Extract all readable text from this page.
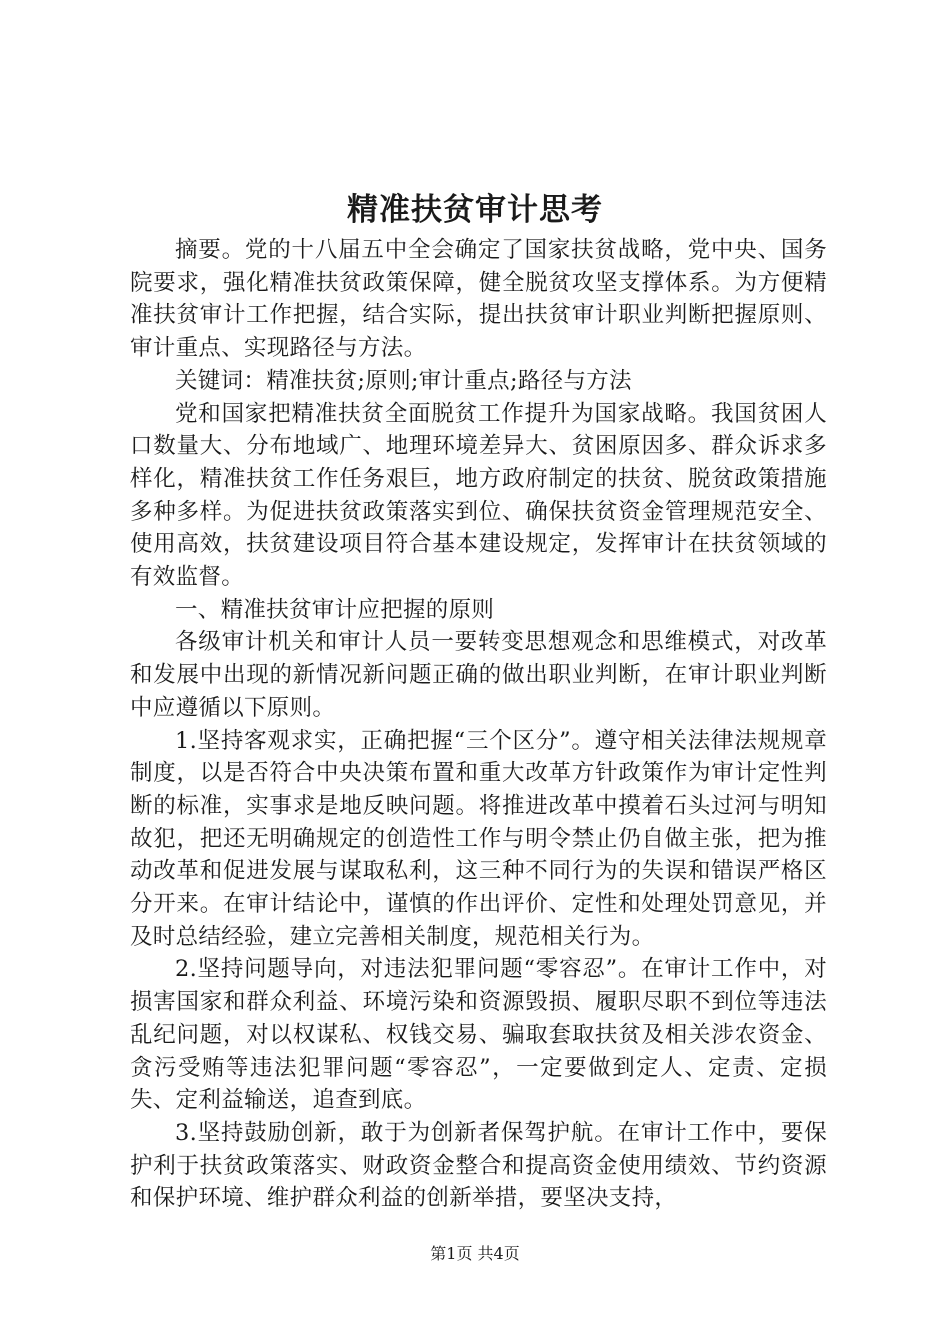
精准扶贫审计思考

摘要。党的十八届五中全会确定了国家扶贫战略，党中央、国务院要求，强化精准扶贫政策保障，健全脱贫攻坚支撑体系。为方便精准扶贫审计工作把握，结合实际，提出扶贫审计职业判断把握原则、审计重点、实现路径与方法。

关键词：精准扶贫;原则;审计重点;路径与方法

党和国家把精准扶贫全面脱贫工作提升为国家战略。我国贫困人口数量大、分布地域广、地理环境差异大、贫困原因多、群众诉求多样化，精准扶贫工作任务艰巨，地方政府制定的扶贫、脱贫政策措施多种多样。为促进扶贫政策落实到位、确保扶贫资金管理规范安全、使用高效，扶贫建设项目符合基本建设规定，发挥审计在扶贫领域的有效监督。

一、精准扶贫审计应把握的原则

各级审计机关和审计人员一要转变思想观念和思维模式，对改革和发展中出现的新情况新问题正确的做出职业判断，在审计职业判断中应遵循以下原则。

1.坚持客观求实，正确把握“三个区分”。遵守相关法律法规规章制度，以是否符合中央决策布置和重大改革方针政策作为审计定性判断的标准，实事求是地反映问题。将推进改革中摸着石头过河与明知故犯，把还无明确规定的创造性工作与明令禁止仍自做主张，把为推动改革和促进发展与谋取私利，这三种不同行为的失误和错误严格区分开来。在审计结论中，谨慎的作出评价、定性和处理处罚意见，并及时总结经验，建立完善相关制度，规范相关行为。

2.坚持问题导向，对违法犯罪问题“零容忍”。在审计工作中，对损害国家和群众利益、环境污染和资源毁损、履职尽职不到位等违法乱纪问题，对以权谋私、权钱交易、骗取套取扶贫及相关涉农资金、贪污受贿等违法犯罪问题“零容忍”，一定要做到定人、定责、定损失、定利益输送，追查到底。

3.坚持鼓励创新，敢于为创新者保驾护航。在审计工作中，要保护利于扶贫政策落实、财政资金整合和提高资金使用绩效、节约资源和保护环境、维护群众利益的创新举措，要坚决支持，

第1页 共4页
